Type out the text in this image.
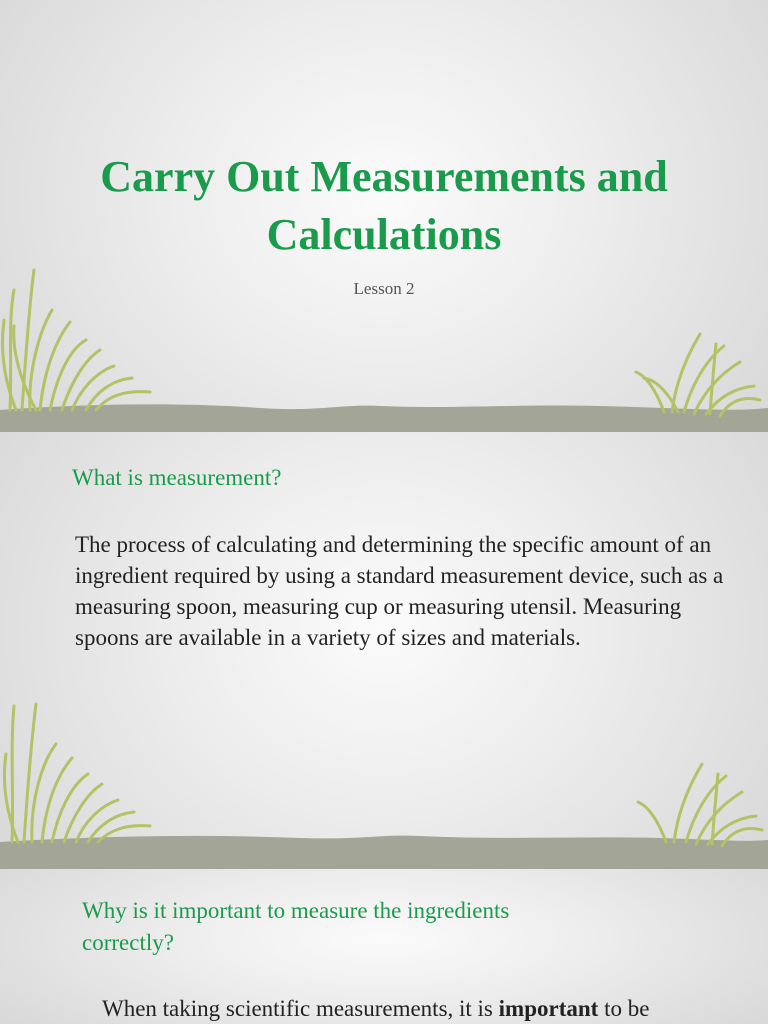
Carry Out Measurements and Calculations
Lesson 2
What is measurement?

The process of calculating and determining the specific amount of an ingredient required by using a standard measurement device, such as a measuring spoon, measuring cup or measuring utensil. Measuring spoons are available in a variety of sizes and materials.

Why is it important to measure the ingredients correctly?

When taking scientific measurements, it is important to be
